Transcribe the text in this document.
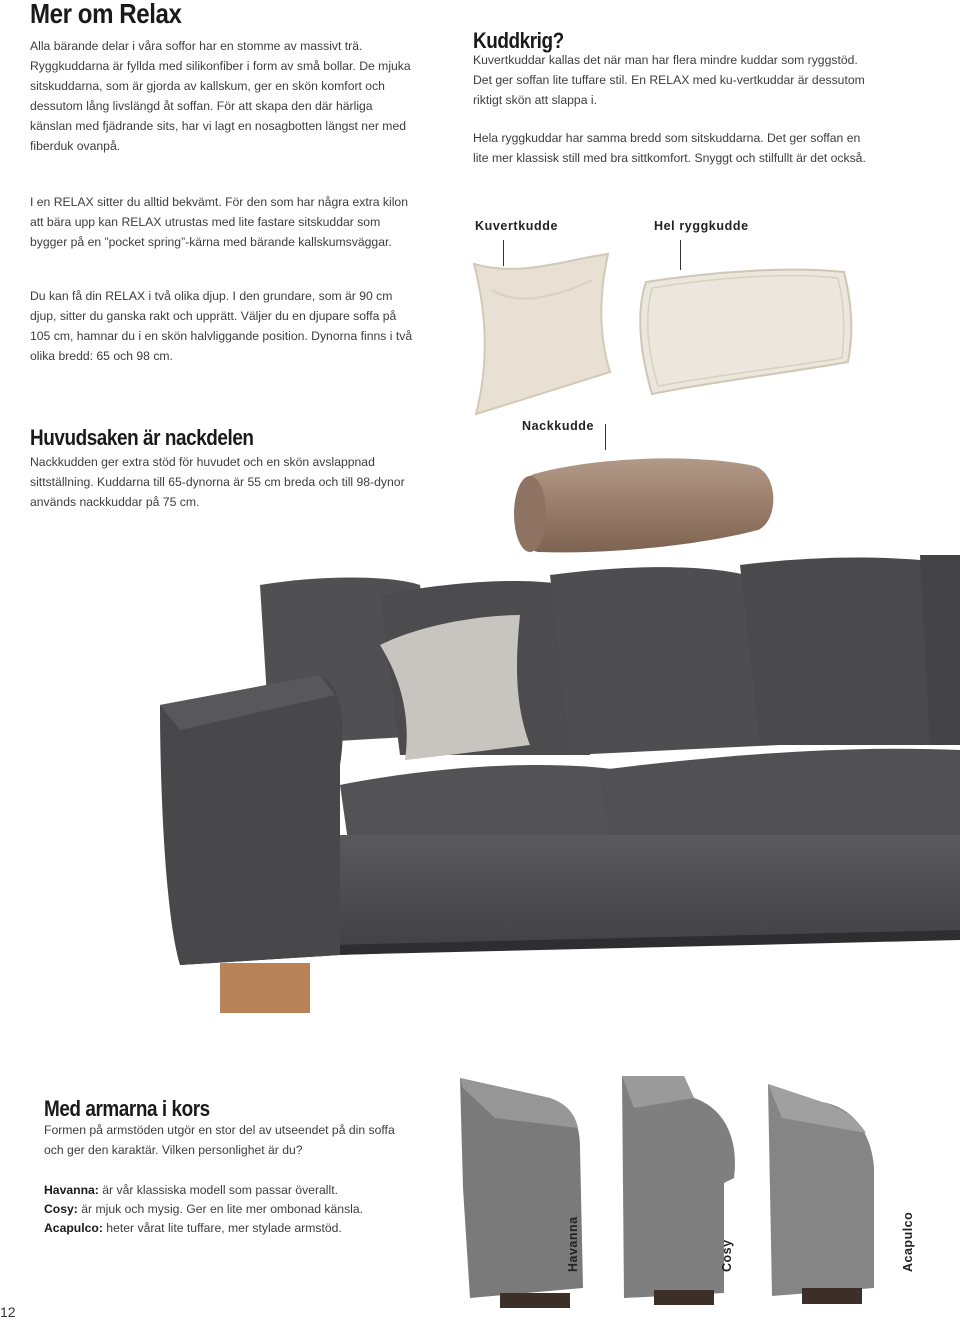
Mer om Relax

Alla bärande delar i våra soffor har en stomme av massivt trä. Ryggkuddarna är fyllda med silikonfiber i form av små bollar. De mjuka sitskuddarna, som är gjorda av kallskum, ger en skön komfort och dessutom lång livslängd åt soffan. För att skapa den där härliga känslan med fjädrande sits, har vi lagt en nosagbotten längst ner med fiberduk ovanpå.

I en RELAX sitter du alltid bekvämt. För den som har några extra kilon att bära upp kan RELAX utrustas med lite fastare sitskuddar som bygger på en ”pocket spring”-kärna med bärande kallskumsväggar.

Du kan få din RELAX i två olika djup. I den grundare, som är 90 cm djup, sitter du ganska rakt och upprätt. Väljer du en djupare soffa på 105 cm, hamnar du i en skön halvliggande position. Dynorna finns i två olika bredd: 65 och 98 cm.

Kuddkrig?

Kuvertkuddar kallas det när man har flera mindre kuddar som ryggstöd. Det ger soffan lite tuffare stil. En RELAX med ku-vertkuddar är dessutom riktigt skön att slappa i.

Hela ryggkuddar har samma bredd som sitskuddarna. Det ger soffan en lite mer klassisk still med bra sittkomfort. Snyggt och stilfullt är det också.

Kuvertkudde	Hel ryggkudde
Nackkudde
Huvudsaken är nackdelen

Nackkudden ger extra stöd för huvudet och en skön avslappnad sittställning. Kuddarna till 65-dynorna är 55 cm breda och till 98-dynor används nackkuddar på 75 cm.

Med armarna i kors

Formen på armstöden utgör en stor del av utseendet på din soffa och ger den karaktär. Vilken personlighet är du?

Havanna: är vår klassiska modell som passar överallt.

Cosy: är mjuk och mysig. Ger en lite mer ombonad känsla.

Acapulco: heter vårat lite tuffare, mer stylade armstöd.	Havanna	Cosy	Acapulco
12
